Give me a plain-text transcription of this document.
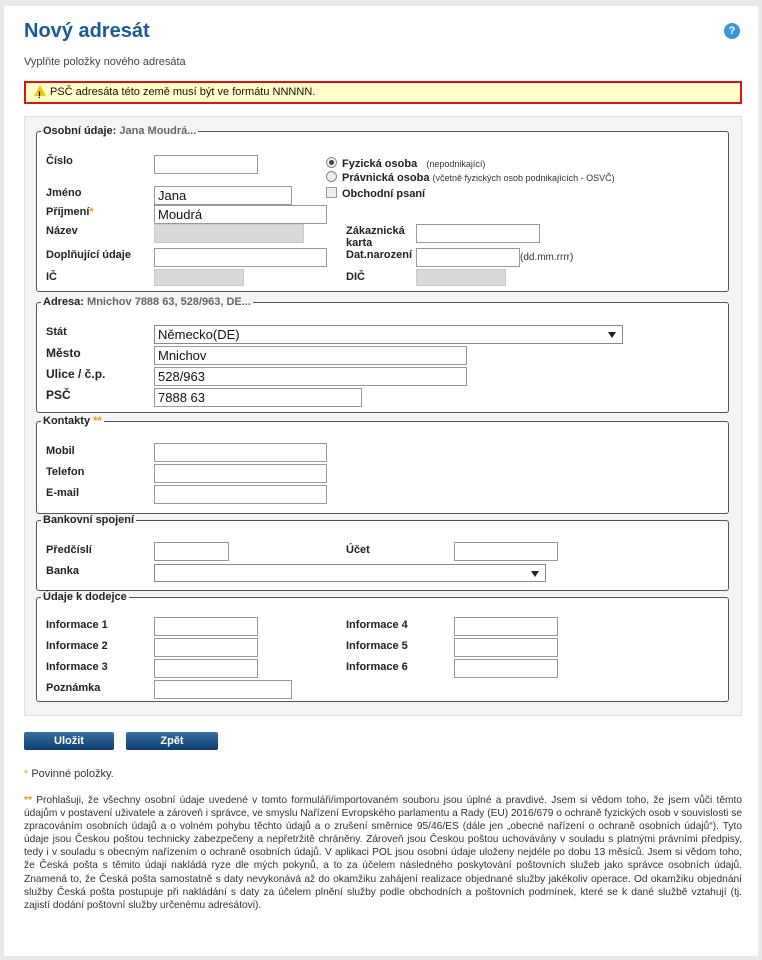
Nový adresát	?
Vyplňte položky nového adresáta
!PSČ adresáta této země musí být ve formátu NNNNN.
Osobní údaje: Jana Moudrá...
Číslo	Fyzická osoba (nepodnikající)
Právnická osoba (včetně fyzických osob podnikajících - OSVČ)
Obchodní psaní
Jméno	Jana
Příjmení*	Moudrá
Název	Zákaznická
karta
Doplňující údaje	Dat.narození	(dd.mm.rrrr)
IČ	DIČ
Adresa: Mnichov 7888 63, 528/963, DE...
Stát	Německo(DE)
Město	Mnichov
Ulice / č.p.	528/963
PSČ	7888 63
Kontakty **
Mobil
Telefon
E-mail
Bankovní spojení
Předčíslí	Účet
Banka
Údaje k dodejce
Informace 1	Informace 4
Informace 2	Informace 5
Informace 3	Informace 6
Poznámka
Uložit	Zpět
* Povinné položky.
** Prohlašuji, že všechny osobní údaje uvedené v tomto formuláři/importovaném souboru jsou úplné a pravdivé. Jsem si vědom toho, že jsem vůči těmto údajům v postavení uživatele a zároveň i správce, ve smyslu Nařízení Evropského parlamentu a Rady (EU) 2016/679 o ochraně fyzických osob v souvislosti se zpracováním osobních údajů a o volném pohybu těchto údajů a o zrušení směrnice 95/46/ES (dále jen „obecné nařízení o ochraně osobních údajů“). Tyto údaje jsou Českou poštou technicky zabezpečeny a nepřetržitě chráněny. Zároveň jsou Českou poštou uchovávány v souladu s platnými právními předpisy, tedy i v souladu s obecným nařízením o ochraně osobních údajů. V aplikaci POL jsou osobní údaje uloženy nejdéle po dobu 13 měsíců. Jsem si vědom toho, že Česká pošta s těmito údaji nakládá ryze dle mých pokynů, a to za účelem následného poskytování poštovních služeb jako správce osobních údajů. Znamená to, že Česká pošta samostatně s daty nevykonává až do okamžiku zahájení realizace objednané služby jakékoliv operace. Od okamžiku objednání služby Česká pošta postupuje při nakládání s daty za účelem plnění služby podle obchodních a poštovních podmínek, které se k dané službě vztahují (tj. zajistí dodání poštovní služby určenému adresátovi).
